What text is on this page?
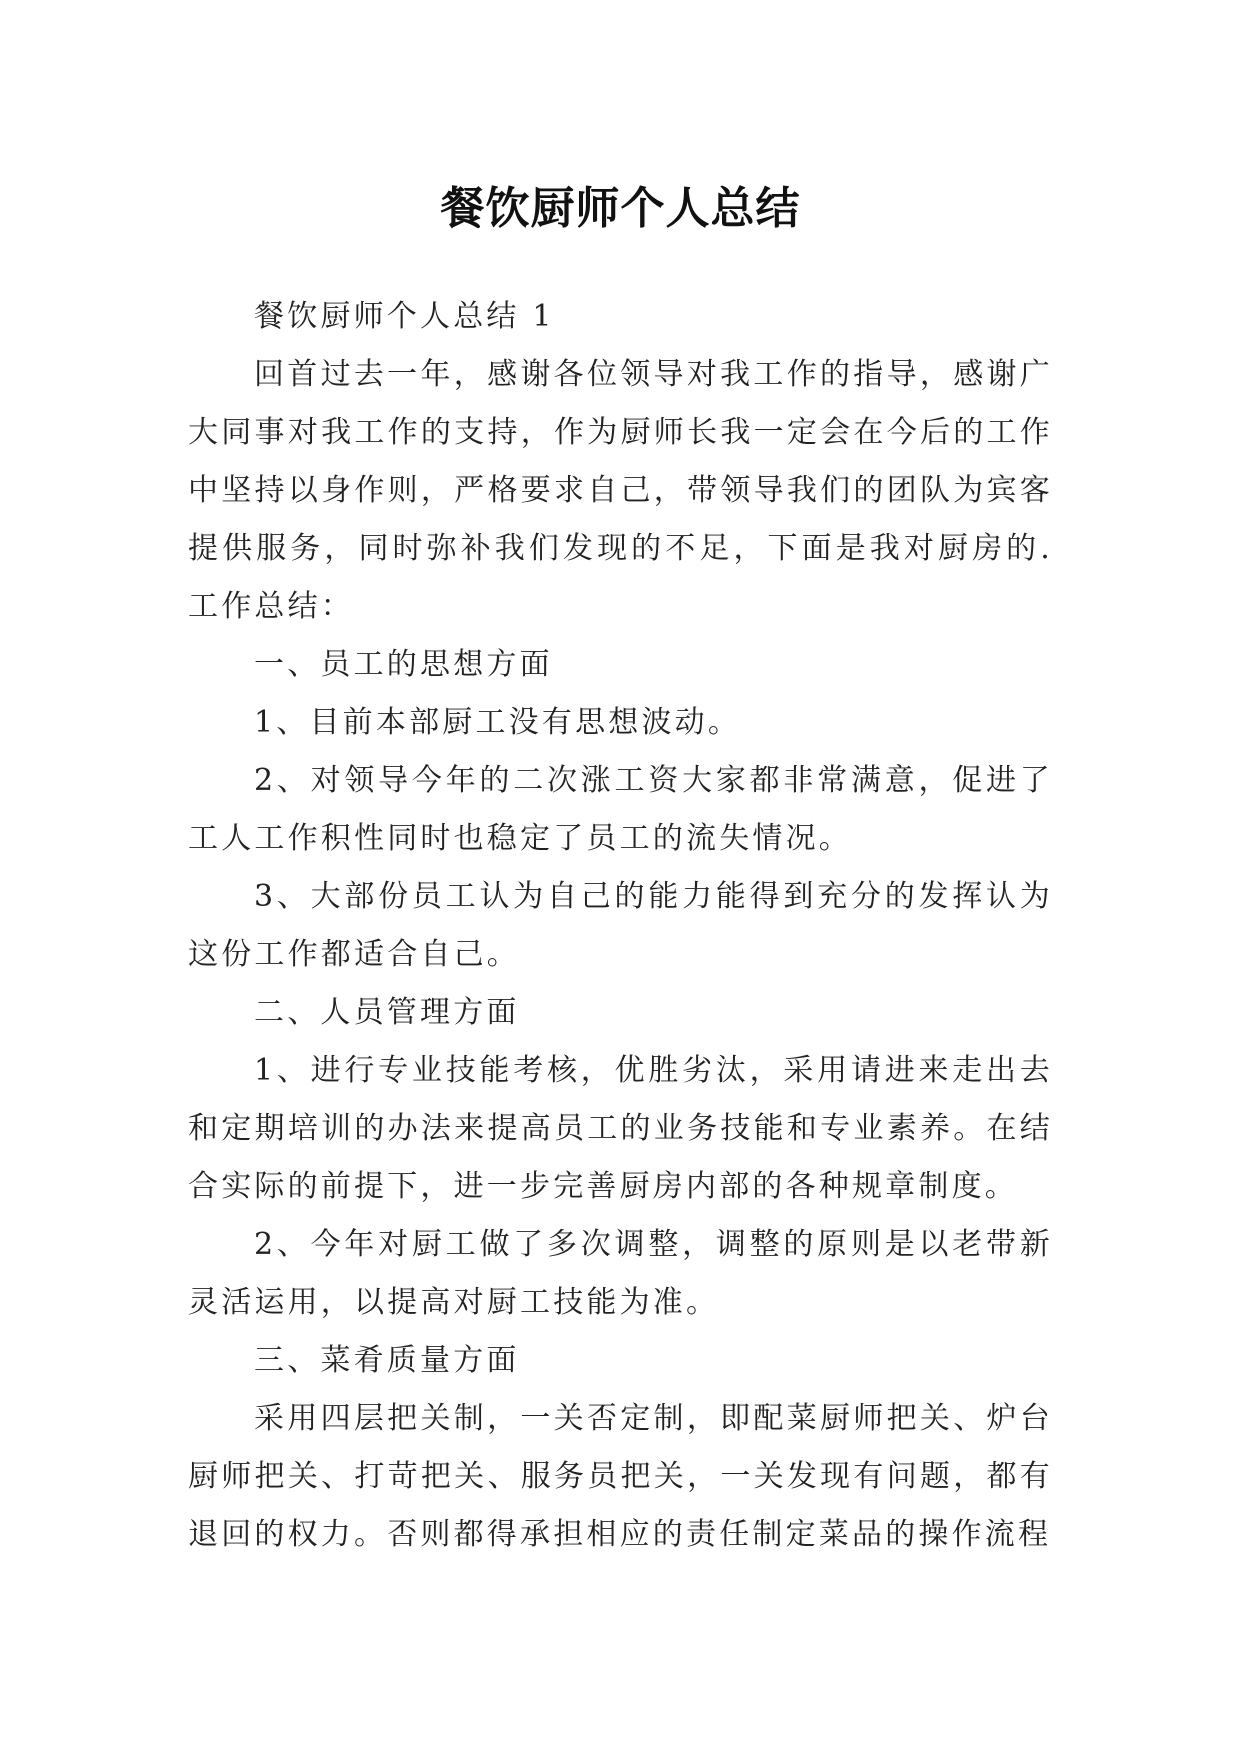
餐饮厨师个人总结

餐饮厨师个人总结 1

回首过去一年，感谢各位领导对我工作的指导，感谢广大同事对我工作的支持，作为厨师长我一定会在今后的工作中坚持以身作则，严格要求自己，带领导我们的团队为宾客提供服务，同时弥补我们发现的不足，下面是我对厨房的.工作总结：

一、员工的思想方面

1、目前本部厨工没有思想波动。

2、对领导今年的二次涨工资大家都非常满意，促进了工人工作积性同时也稳定了员工的流失情况。

3、大部份员工认为自己的能力能得到充分的发挥认为这份工作都适合自己。

二、人员管理方面

1、进行专业技能考核，优胜劣汰，采用请进来走出去和定期培训的办法来提高员工的业务技能和专业素养。在结合实际的前提下，进一步完善厨房内部的各种规章制度。

2、今年对厨工做了多次调整，调整的原则是以老带新灵活运用，以提高对厨工技能为准。

三、菜肴质量方面

采用四层把关制，一关否定制，即配菜厨师把关、炉台厨师把关、打苛把关、服务员把关，一关发现有问题，都有退回的权力。否则都得承担相应的责任制定菜品的操作流程
